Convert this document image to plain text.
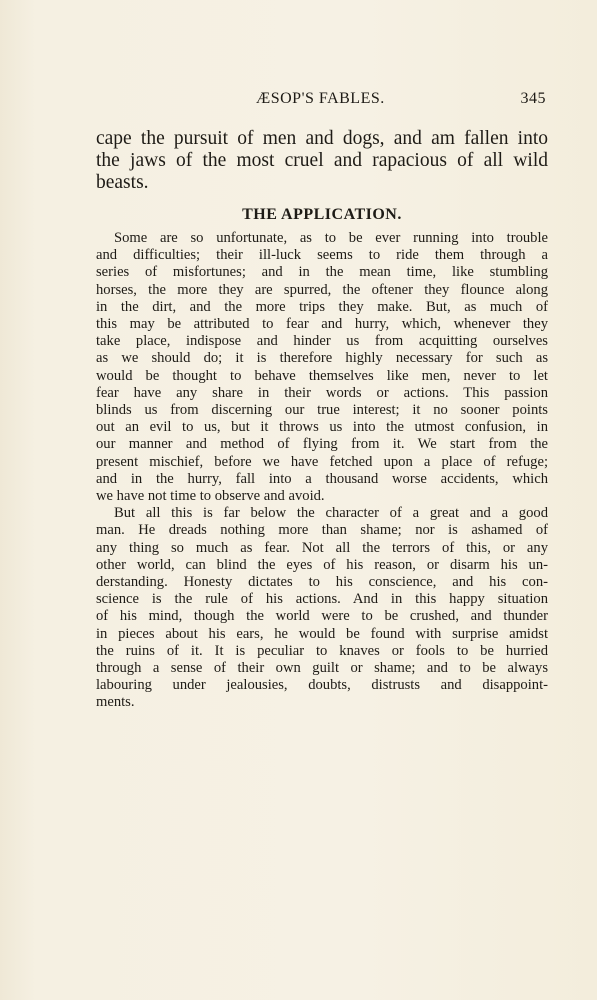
ÆSOP'S FABLES.	345
cape the pursuit of men and dogs, and am fallen into
the jaws of the most cruel and rapacious of all wild
beasts.
THE APPLICATION.
Some are so unfortunate, as to be ever running into trouble
and difficulties; their ill-luck seems to ride them through a
series of misfortunes; and in the mean time, like stumbling
horses, the more they are spurred, the oftener they flounce along
in the dirt, and the more trips they make. But, as much of
this may be attributed to fear and hurry, which, whenever they
take place, indispose and hinder us from acquitting ourselves
as we should do; it is therefore highly necessary for such as
would be thought to behave themselves like men, never to let
fear have any share in their words or actions. This passion
blinds us from discerning our true interest; it no sooner points
out an evil to us, but it throws us into the utmost confusion, in
our manner and method of flying from it. We start from the
present mischief, before we have fetched upon a place of refuge;
and in the hurry, fall into a thousand worse accidents, which
we have not time to observe and avoid.
But all this is far below the character of a great and a good
man. He dreads nothing more than shame; nor is ashamed of
any thing so much as fear. Not all the terrors of this, or any
other world, can blind the eyes of his reason, or disarm his un-
derstanding. Honesty dictates to his conscience, and his con-
science is the rule of his actions. And in this happy situation
of his mind, though the world were to be crushed, and thunder
in pieces about his ears, he would be found with surprise amidst
the ruins of it. It is peculiar to knaves or fools to be hurried
through a sense of their own guilt or shame; and to be always
labouring under jealousies, doubts, distrusts and disappoint-
ments.
